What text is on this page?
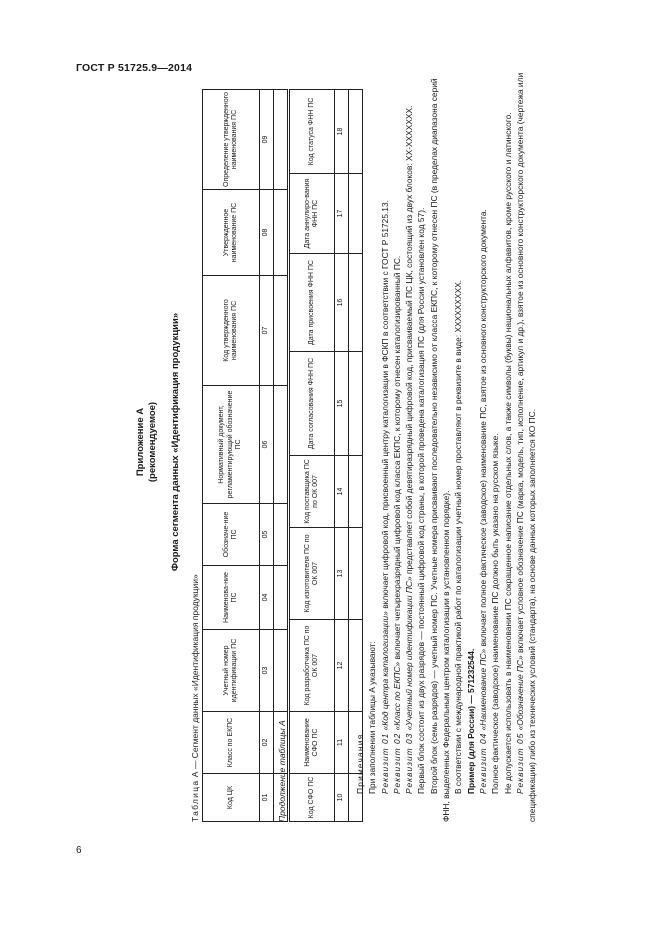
ГОСТ Р 51725.9—2014
6
Приложение А (рекомендуемое) Форма сегмента данных «Идентификация продукции»
Таблица А — Сегмент данных «Идентификация продукции»
Код ЦК	Класс по ЕКПС	Учетный номер идентификации ПС	Наименова-ние ПС	Обозначе-ние ПС	Нормативный документ, регламентирующий обозначение ПС	Код утвержденного наименования ПС	Утвержденное наименование ПС	Определение утвержденного наименования ПС
01	02	03	04	05	06	07	08	09

Продолжение таблицы А	Код СФО ПС	Наименование СФО ПС	Код разработчика ПС по ОК 007	Код изготовителя ПС по ОК 007	Код поставщика ПС по ОК 007	Дата согласования ФНН ПС	Дата присвоения ФНН ПС	Дата аннулиро-вания ФНН ПС	Код статуса ФНН ПС
10	11	12	13	14	15	16	17	18

Примечания При заполнении таблицы А указывают: Реквизит 01 «Код центра каталогизации» включает цифровой код, присвоенный центру каталогизации в ФСКП в соответствии с ГОСТ Р 51725.13.

Реквизит 02 «Класс по ЕКПС» включает четырехразрядный цифровой код класса ЕКПС, к которому отнесен каталогизированный ПС.

Реквизит 03 «Учетный номер идентификации ПС» представляет собой девятиразрядный цифровой код, присваиваемый ПС ЦК, состоящий из двух блоков: XX-XXXXXXX. Первый блок состоит из двух разрядов — постоянный цифровой код страны, в которой проведена каталогизация ПС (для России установлен код 57). Второй блок (семь разрядов) — учетный номер ПС. Учетные номера присваивают последовательно независимо от класса ЕКПС, к которому отнесен ПС (в пределах диапазона серий ФНН, выделенных Федеральным центром каталогизации в установленном порядке). В соответствии с международной практикой работ по каталогизации учетный номер проставляют в реквизите в виде: XXXXXXXXX. Пример (для России) — 571232544.

Реквизит 04 «Наименование ПС» включает полное фактическое (заводское) наименование ПС, взятое из основного конструкторского документа. Полное фактическое (заводское) наименование ПС должно быть указано на русском языке. Не допускается использовать в наименовании ПС сокращенное написание отдельных слов, а также символы (буквы) национальных алфавитов, кроме русского и латинского. Реквизит 05 «Обозначение ПС» включает условное обозначение ПС (марка, модель, тип, исполнение, артикул и др.), взятое из основного конструкторского документа (чертежа или спецификации) либо из технических условий (стандарта), на основе данных которых заполняется КО ПС.
